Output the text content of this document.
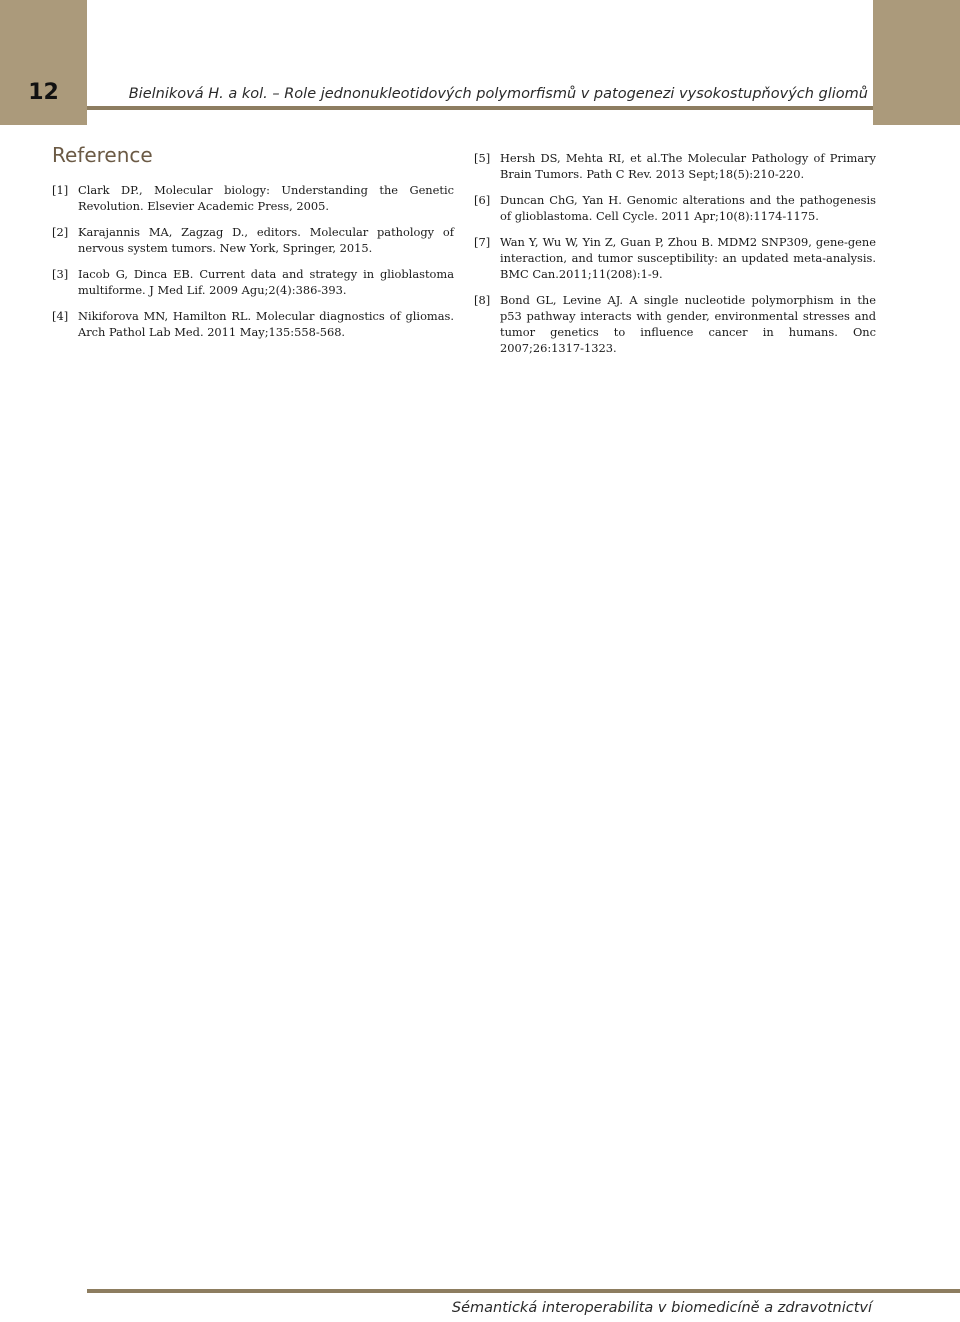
12	Bielniková H. a kol. – Role jednonukleotidových polymorfismů v patogenezi vysokostupňových gliomů
Reference
[1] Clark DP., Molecular biology: Understanding the Genetic Revolution. Elsevier Academic Press, 2005.
[2] Karajannis MA, Zagzag D., editors. Molecular pathology of nervous system tumors. New York, Springer, 2015.
[3] Iacob G, Dinca EB. Current data and strategy in glioblastoma multiforme. J Med Lif. 2009 Agu;2(4):386-393.
[4] Nikiforova MN, Hamilton RL. Molecular diagnostics of gliomas. Arch Pathol Lab Med. 2011 May;135:558-568.
[5] Hersh DS, Mehta RI, et al.The Molecular Pathology of Primary Brain Tumors. Path C Rev. 2013 Sept;18(5):210-220.
[6] Duncan ChG, Yan H. Genomic alterations and the pathogenesis of glioblastoma. Cell Cycle. 2011 Apr;10(8):1174-1175.
[7] Wan Y, Wu W, Yin Z, Guan P, Zhou B. MDM2 SNP309, gene-gene interaction, and tumor susceptibility: an updated meta-analysis. BMC Can.2011;11(208):1-9.
[8] Bond GL, Levine AJ. A single nucleotide polymorphism in the p53 pathway interacts with gender, environmental stresses and tumor genetics to influence cancer in humans. Onc 2007;26:1317-1323.
Sémantická interoperabilita v biomedicíně a zdravotnictví
